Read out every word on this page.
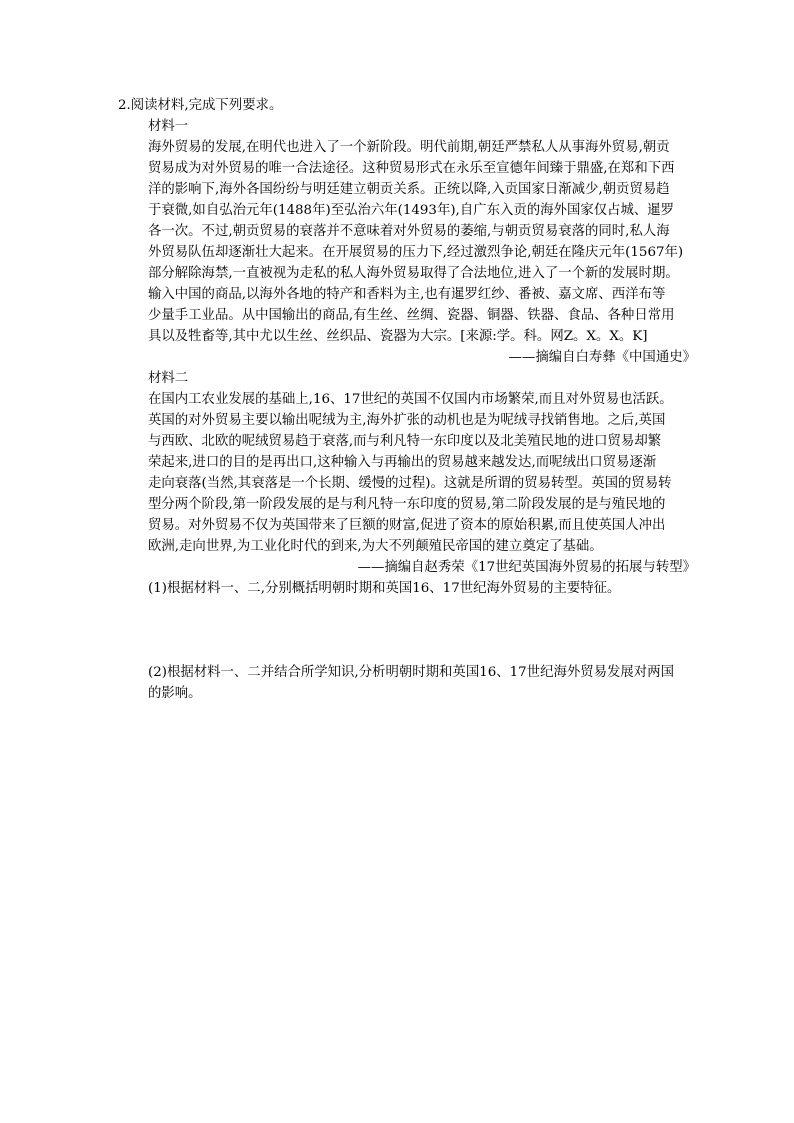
2.阅读材料,完成下列要求。
材料一
海外贸易的发展,在明代也进入了一个新阶段。明代前期,朝廷严禁私人从事海外贸易,朝贡
贸易成为对外贸易的唯一合法途径。这种贸易形式在永乐至宣德年间臻于鼎盛,在郑和下西
洋的影响下,海外各国纷纷与明廷建立朝贡关系。正统以降,入贡国家日渐减少,朝贡贸易趋
于衰微,如自弘治元年(1488年)至弘治六年(1493年),自广东入贡的海外国家仅占城、暹罗
各一次。不过,朝贡贸易的衰落并不意味着对外贸易的萎缩,与朝贡贸易衰落的同时,私人海
外贸易队伍却逐渐壮大起来。在开展贸易的压力下,经过激烈争论,朝廷在隆庆元年(1567年)
部分解除海禁,一直被视为走私的私人海外贸易取得了合法地位,进入了一个新的发展时期。
输入中国的商品,以海外各地的特产和香料为主,也有暹罗红纱、番被、嘉文席、西洋布等
少量手工业品。从中国输出的商品,有生丝、丝绸、瓷器、铜器、铁器、食品、各种日常用
具以及牲畜等,其中尤以生丝、丝织品、瓷器为大宗。[来源:学。科。网Z。X。X。K]
——摘编自白寿彝《中国通史》
材料二
在国内工农业发展的基础上,16、17世纪的英国不仅国内市场繁荣,而且对外贸易也活跃。
英国的对外贸易主要以输出呢绒为主,海外扩张的动机也是为呢绒寻找销售地。之后,英国
与西欧、北欧的呢绒贸易趋于衰落,而与利凡特一东印度以及北美殖民地的进口贸易却繁
荣起来,进口的目的是再出口,这种输入与再输出的贸易越来越发达,而呢绒出口贸易逐渐
走向衰落(当然,其衰落是一个长期、缓慢的过程)。这就是所谓的贸易转型。英国的贸易转
型分两个阶段,第一阶段发展的是与利凡特一东印度的贸易,第二阶段发展的是与殖民地的
贸易。对外贸易不仅为英国带来了巨额的财富,促进了资本的原始积累,而且使英国人冲出
欧洲,走向世界,为工业化时代的到来,为大不列颠殖民帝国的建立奠定了基础。
——摘编自赵秀荣《17世纪英国海外贸易的拓展与转型》
(1)根据材料一、二,分别概括明朝时期和英国16、17世纪海外贸易的主要特征。
(2)根据材料一、二并结合所学知识,分析明朝时期和英国16、17世纪海外贸易发展对两国
的影响。
